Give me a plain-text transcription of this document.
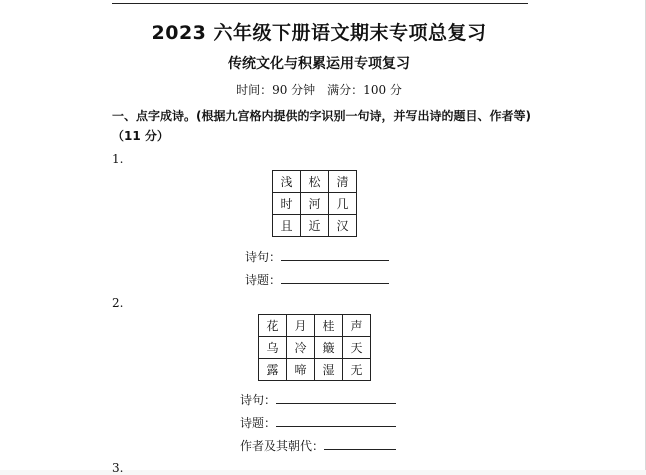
2023 六年级下册语文期末专项总复习
传统文化与积累运用专项复习
时间：90 分钟　满分：100 分
一、点字成诗。(根据九宫格内提供的字识别一句诗，并写出诗的题目、作者等)
（11 分）
1.
浅	松	清
时	河	几
且	近	汉
诗句：
诗题：
2.
花	月	桂	声
乌	冷	簸	天
露	啼	湿	无
诗句：
诗题：
作者及其朝代：
3.
